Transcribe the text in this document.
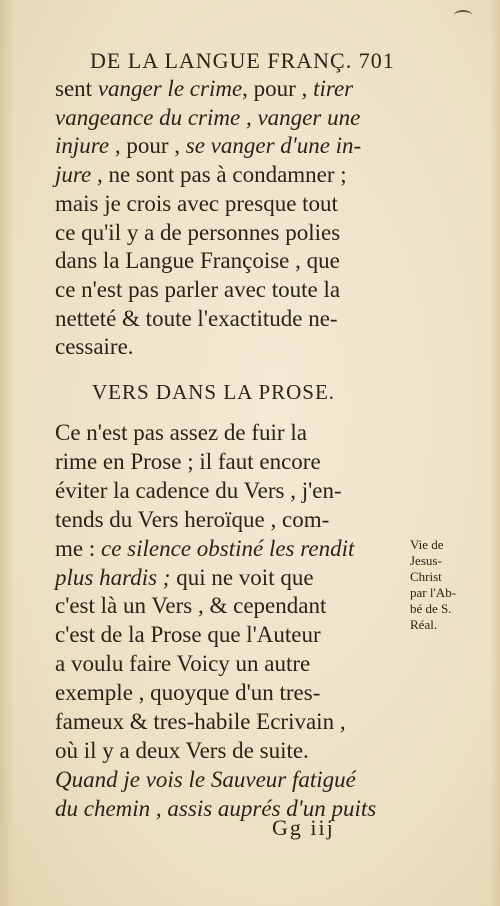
DE LA LANGUE FRANÇ. 701
sent vanger le crime, pour , tirer
vangeance du crime , vanger une
injure , pour , se vanger d'une in-
jure , ne sont pas à condamner ;
mais je crois avec presque tout
ce qu'il y a de personnes polies
dans la Langue Françoise , que
ce n'est pas parler avec toute la
netteté & toute l'exactitude ne-
cessaire.
VERS DANS LA PROSE.
Ce n'est pas assez de fuir la
rime en Prose ; il faut encore
éviter la cadence du Vers , j'en-
tends du Vers heroïque , com-
me : ce silence obstiné les rendit
plus hardis ; qui ne voit que
c'est là un Vers , & cependant
c'est de la Prose que l'Auteur
a voulu faire Voicy un autre
exemple , quoyque d'un tres-
fameux & tres-habile Ecrivain ,
où il y a deux Vers de suite.
Quand je vois le Sauveur fatigué
du chemin , assis auprés d'un puits
Vie de
Jesus-
Christ
par l'Ab-
bé de S.
Réal.
Gg iij
